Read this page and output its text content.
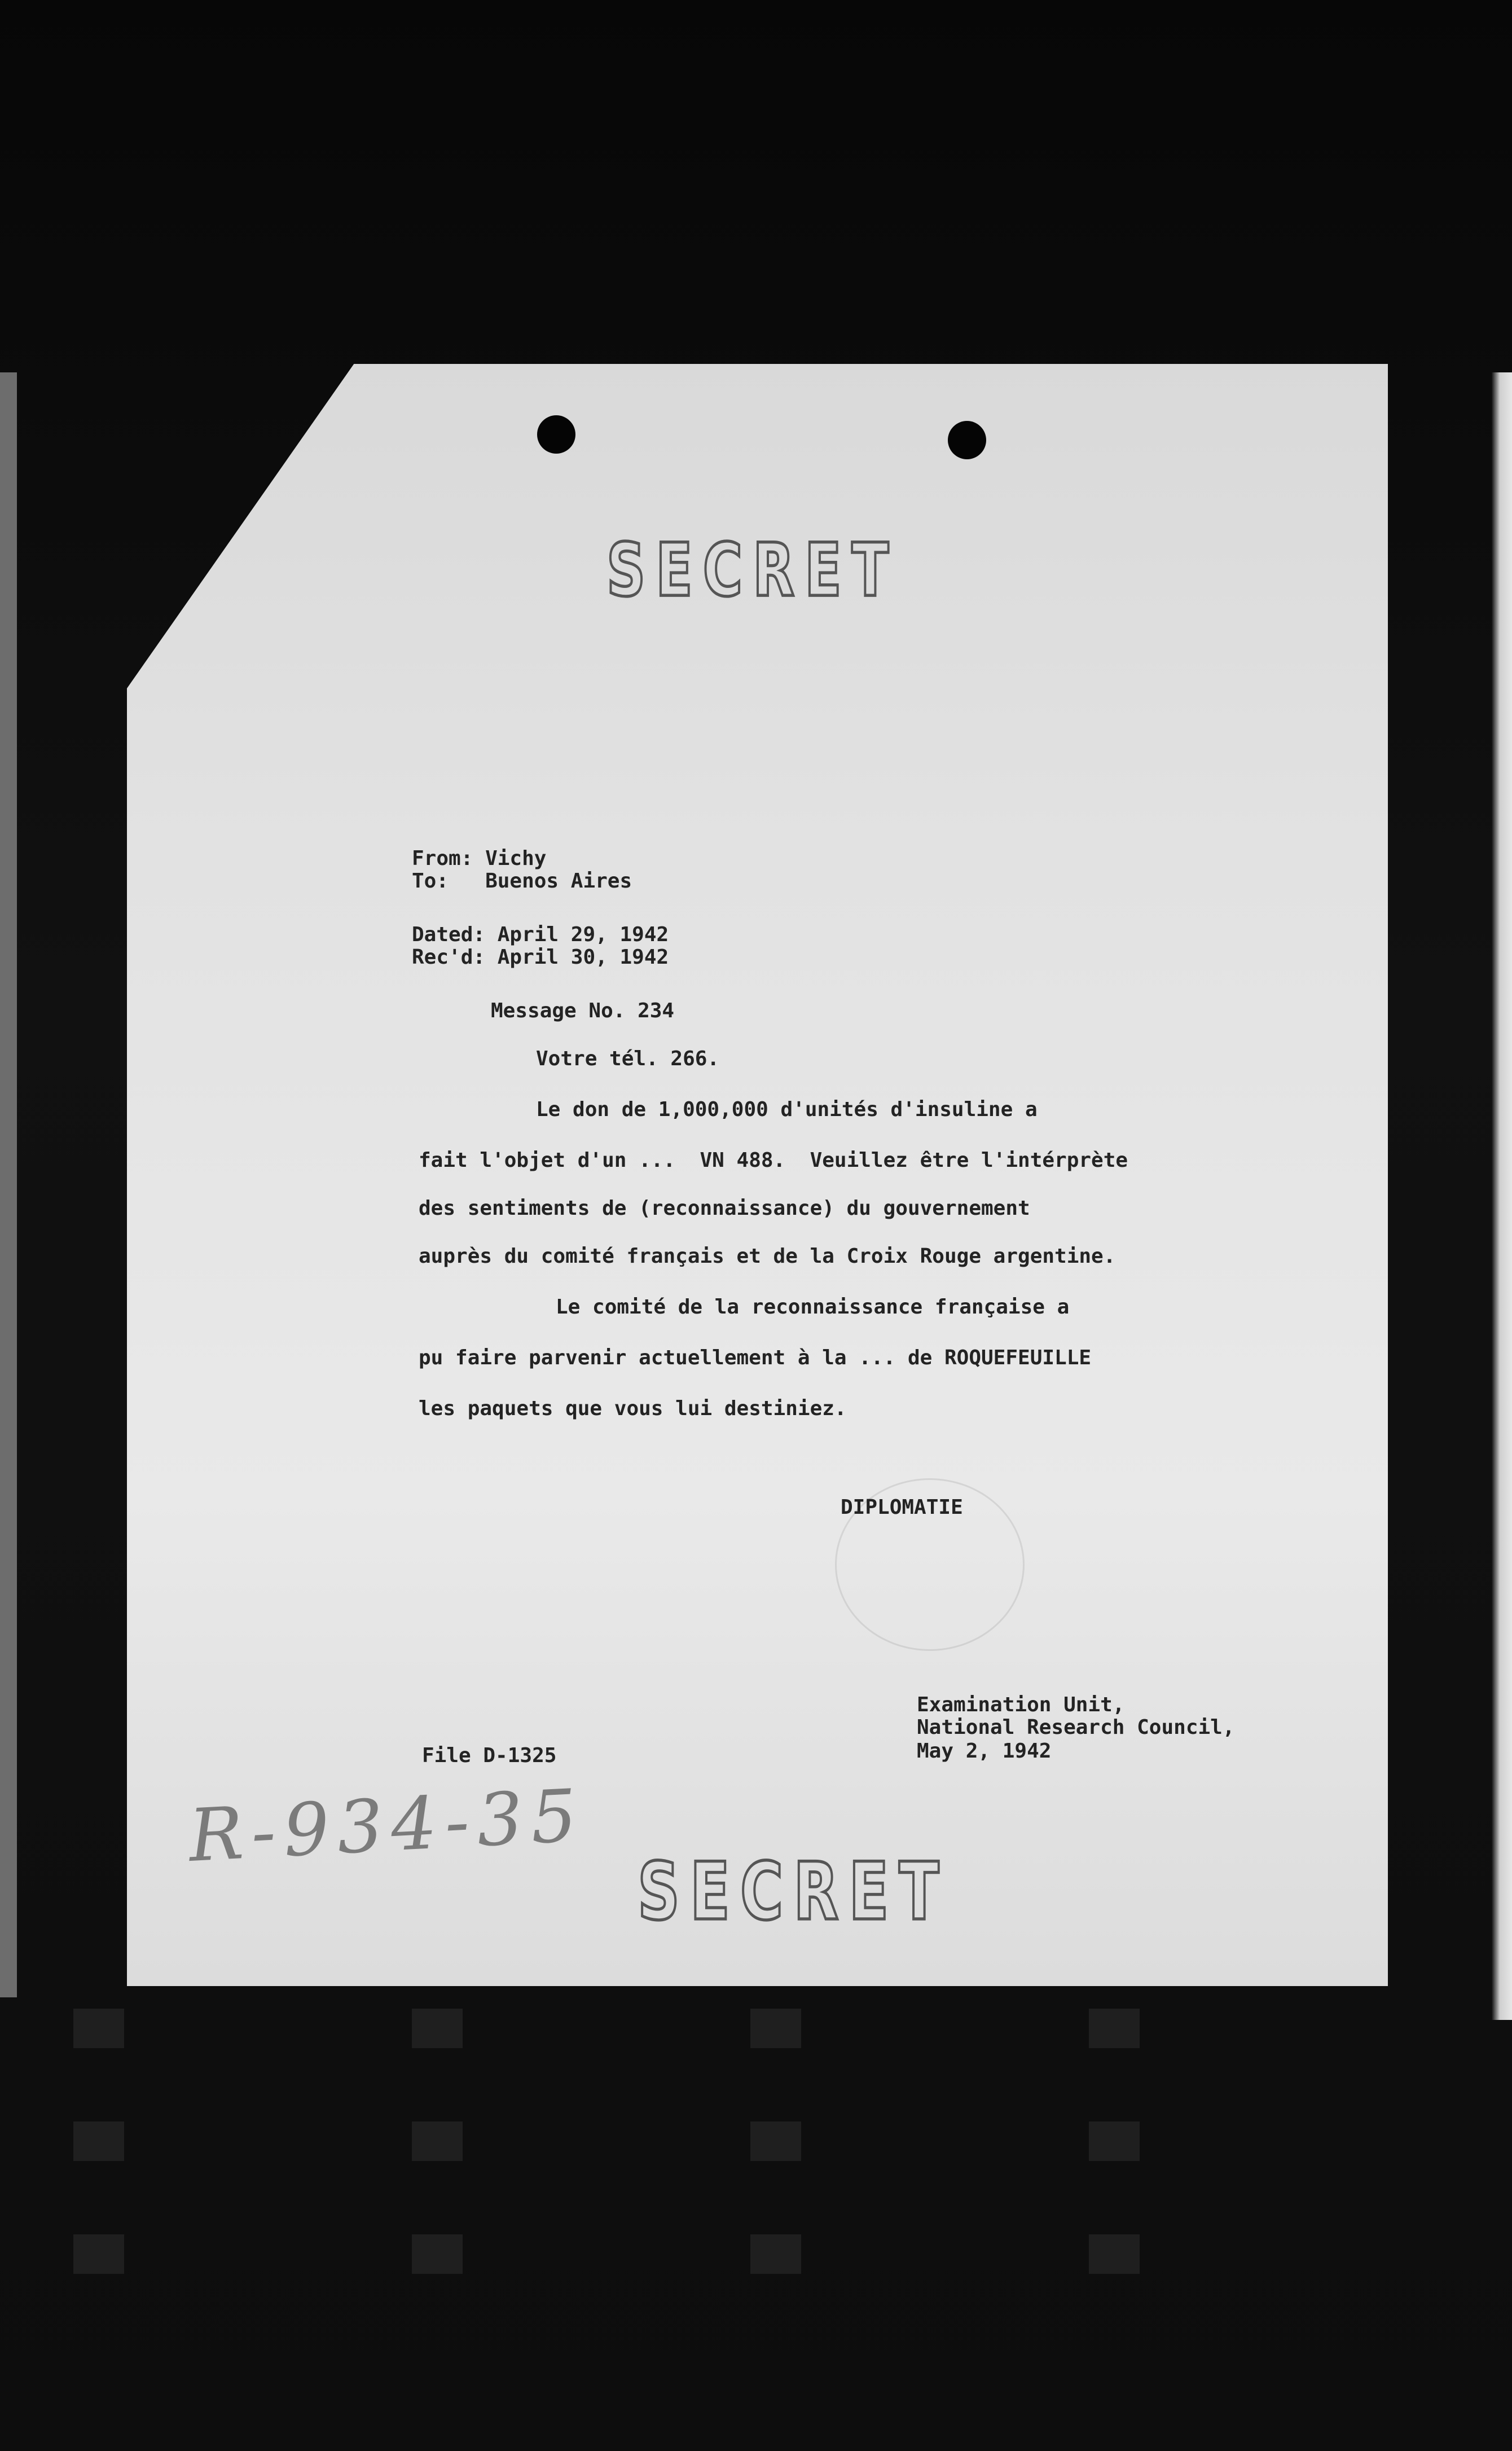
SECRET
From: Vichy
To: Buenos Aires
Dated: April 29, 1942
Rec'd: April 30, 1942
Message No. 234
Votre tél. 266.
Le don de 1,000,000 d'unités d'insuline a
fait l'objet d'un ...  VN 488.  Veuillez être l'intérprète
des sentiments de (reconnaissance) du gouvernement
auprès du comité français et de la Croix Rouge argentine.
Le comité de la reconnaissance française a
pu faire parvenir actuellement à la ... de ROQUEFEUILLE
les paquets que vous lui destiniez.
DIPLOMATIE
Examination Unit,
National Research Council,
May 2, 1942
File D-1325
R-934-35
SECRET
